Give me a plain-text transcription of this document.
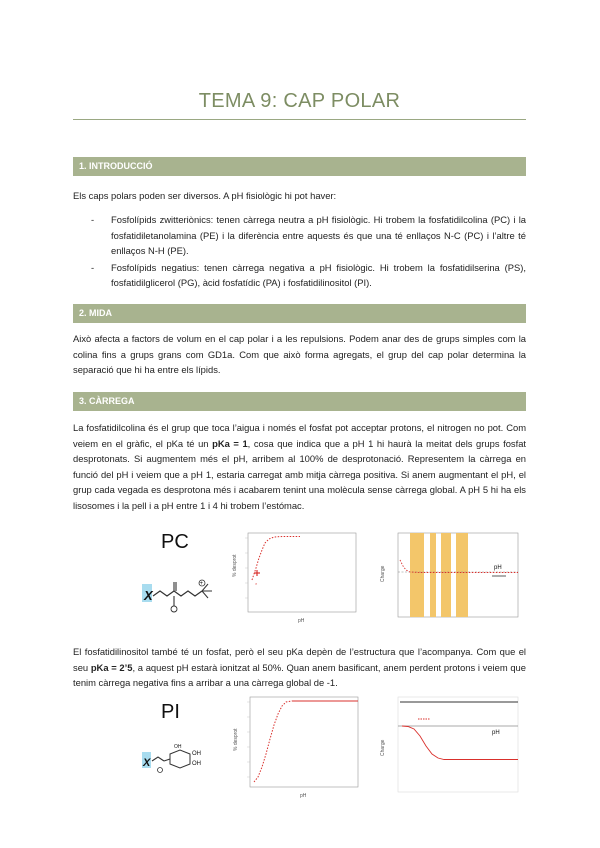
TEMA 9: CAP POLAR
1. INTRODUCCIÓ
Els caps polars poden ser diversos. A pH fisiològic hi pot haver:
- Fosfolípids zwitteriònics: tenen càrrega neutra a pH fisiològic. Hi trobem la fosfatidilcolina (PC) i la fosfatidiletanolamina (PE) i la diferència entre aquests és que una té enllaços N-C (PC) i l’altre té enllaços N-H (PE).
- Fosfolípids negatius: tenen càrrega negativa a pH fisiològic. Hi trobem la fosfatidilserina (PS), fosfatidilglicerol (PG), àcid fosfatídic (PA) i fosfatidilinositol (PI).
2. MIDA
Això afecta a factors de volum en el cap polar i a les repulsions. Podem anar des de grups simples com la colina fins a grups grans com GD1a. Com que això forma agregats, el grup del cap polar determina la separació que hi ha entre els lípids.
3. CÀRREGA
La fosfatidilcolina és el grup que toca l’aigua i només el fosfat pot acceptar protons, el nitrogen no pot. Com veiem en el gràfic, el pKa té un pKa = 1, cosa que indica que a pH 1 hi haurà la meitat dels grups fosfat desprotonats. Si augmentem més el pH, arribem al 100% de desprotonació. Representem la càrrega en funció del pH i veiem que a pH 1, estaria carregat amb mitja càrrega positiva. Si anem augmentant el pH, el grup cada vegada es desprotona més i acabarem tenint una molècula sense càrrega global. A pH 5 hi ha els lisosomes i la pell i a pH entre 1 i 4 hi trobem l’estómac.
PC
X
+	×
% desprot
pH
pH
Charge
El fosfatidilinositol també té un fosfat, però el seu pKa depèn de l’estructura que l’acompanya. Com que el seu pKa = 2’5, a aquest pH estarà ionitzat al 50%. Quan anem basificant, anem perdent protons i veiem que tenim càrrega negativa fins a arribar a una càrrega global de -1.
PI
X
OH
OH
OH	% desprot
pH
pH
Charge
